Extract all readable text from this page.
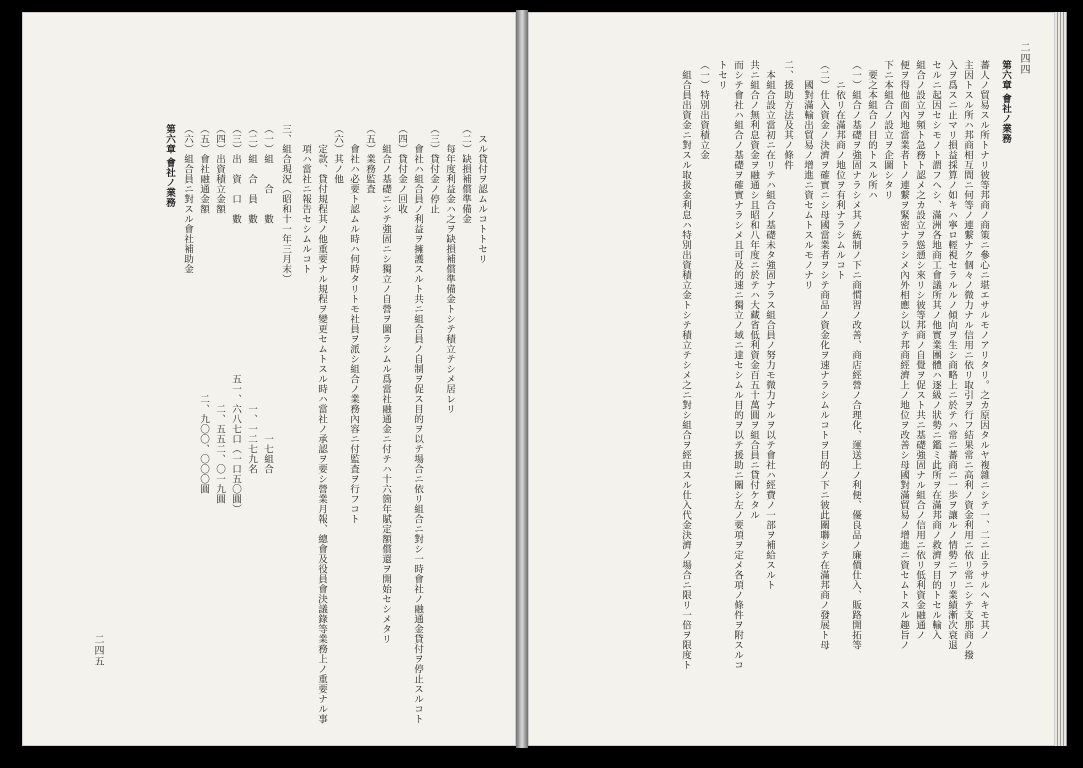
二四四
第六章 會社ノ業務
蕃人ノ貿易スル所トナリ彼等邦商ノ商策ニ參心ニ堪エサルモノアリタリ。之カ原因タルヤ複雜ニシテ一、二ニ止ラサルヘキモ其ノ
主因トスル所ハ邦商相互間ニ何等ノ連繋ナク個々ノ微力ナル信用ニ依リ取引ヲ行フ結果常ニ高利ノ資金利用ニ依リ常ニシテ支那商ノ撥
入ヲ爲スニ止マリ損益採算ノ如キハ寧ロ輕視セラルルノ傾向ヲ生シ商略上ニ於テハ常ニ蕃商ニ一歩ヲ讓ルノ情勢ニアリ業績漸次衰退
セルニ起因セシモノト謂フヘシ、滿洲各地商工會議所其ノ他實業團體ハ逐級ノ狀勢ニ鑑ミ此所ヲ在滿邦商ノ救濟ヲ目的トセル輸入
組合ノ設立ヲ頻ト急務ト認メ之カ設立ヲ慫慂シ來リシ彼等邦商ノ自覺ヲ促スト共ニ基礎強固ナル組合ノ信用ニ依リ低利資金融通ノ
便ヲ得他面內地當業者トノ連繋ヲ緊密ナラシメ內外相應シ以テ邦商經濟上ノ地位ヲ改善シ母國對滿貿易ノ增進ニ資セムトスル趣旨ノ
下ニ本組合ノ設立ヲ企圖シタリ
　要之本組合ノ目的トスル所ハ
（一）組合ノ基礎ヲ強固ナラシメ其ノ統制ノ下ニ商慣習ノ改善、商店經營ノ合理化、運送上ノ利便、優良品ノ廉價仕入、販路開拓等
　　ニ依リ在滿邦商ノ地位ヲ有利ナラシムルコト
（二）仕入資金ノ決濟ヲ確實ニシ母國當業者ヲシテ商品ノ資金化ヲ速ナラシムルコトヲ目的ノ下ニ彼此關聯シテ在滿邦商ノ發展ト母
　　國對滿輸出貿易ノ增進ニ資セムトスルモノナリ
二、援助方法及其ノ條件
　本組合設立當初ニ在リテハ組合ノ基礎未タ強固ナラス組合員ノ努力モ微力ナルヲ以テ會社ハ經費ノ一部ヲ補給スルト
共ニ組合ノ無利息資金ヲ融通シ且昭和八年度ニ於テハ大藏省低利資金百五十萬圓ヲ組合員ニ貸付ケタル
而シテ會社ハ組合ノ基礎ヲ確實ナラシメ且可及的速ニ獨立ノ域ニ達セシムル目的ヲ以テ援助ニ關シ左ノ要項ヲ定メ各項ノ條件ヲ附スルコ
トセリ
（一）特別出資積立金
　組合員出資金ニ對スル取扱金利息ハ特別出資積立金トシテ積立テシメ之ニ對シ組合ヲ經由スル仕入代金決濟ノ場合ニ限リ一倍ヲ限度ト
　スル貸付ヲ認ムルコトトセリ
（二）缺損補償準備金
　　每年度利益金ハ之ヲ缺損補償準備金トシテ積立テシメ居レリ
（三）貸付金ノ停止
　　會社ハ組合員ノ利益ヲ擁護スルト共ニ組合員ノ自制ヲ促ス目的ヲ以テ場合ニ依リ組合ニ對シ一時會社ノ融通金貸付ヲ停止スルコト
（四）貸付金ノ回收
　　組合ノ基礎ニシテ強固ニシ獨立ノ自營ヲ圖ラシムル爲當社融通金ニ付テハ十六箇年賦定額償還ヲ開始セシメタリ
（五）業務監査
　　會社ハ必要ト認ムル時ハ何時タリトモ社員ヲ派シ組合ノ業務內容ニ付監査ヲ行フコト
（六）其ノ他
　　定款、貸付規程其ノ他重要ナル規程ヲ變更セムトスル時ハ當社ノ承認ヲ要シ營業月報、總會及役員會決議錄等業務上ノ重要ナル事
　　項ハ當社ニ報告セシムルコト
三、組合現況（昭和十一年三月末）
（一）組　　合　　數　　　　　　　　　　　　　　　　　　　　　一七組合
（二）組　合　員　數　　　　　　　　　　　　　　　　　　一、一二七九名
（三）出　資　口　數　　　　　　　　　　　　　　　五一、六八七口（一口五〇圓）
（四）出資積立金額　　　　　　　　　　　　　　　　　　　二、五五二、〇一九圓
（五）會社融通金額　　　　　　　　　　　　　　　　　　二、九〇〇、〇〇〇圓
（六）組合員ニ對スル會社補助金
第六章 會社ノ業務
二四五
